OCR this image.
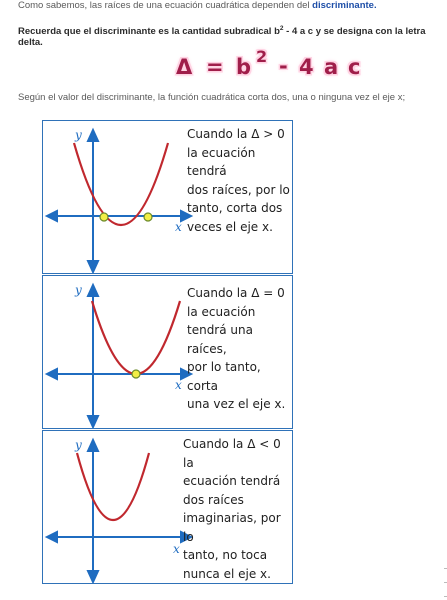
Como sabemos, las raíces de una ecuación cuadrática dependen del discriminante.
Recuerda que el discriminante es la cantidad subradical $b^2 - 4$ a c y se designa con la letra delta.
Δ = b 2 - 4 a c
Según el valor del discriminante, la función cuadrática corta dos, una o ninguna vez el eje x;
y
x
Cuando la Δ > 0
la ecuación tendrá
dos raíces, por lo
tanto, corta dos
veces el eje x.
y
x
Cuando la Δ = 0
la ecuación
tendrá una raíces,
por lo tanto, corta
una vez el eje x.
y
x
Cuando la Δ < 0 la
ecuación tendrá
dos raíces
imaginarias, por lo
tanto, no toca
nunca el eje x.
